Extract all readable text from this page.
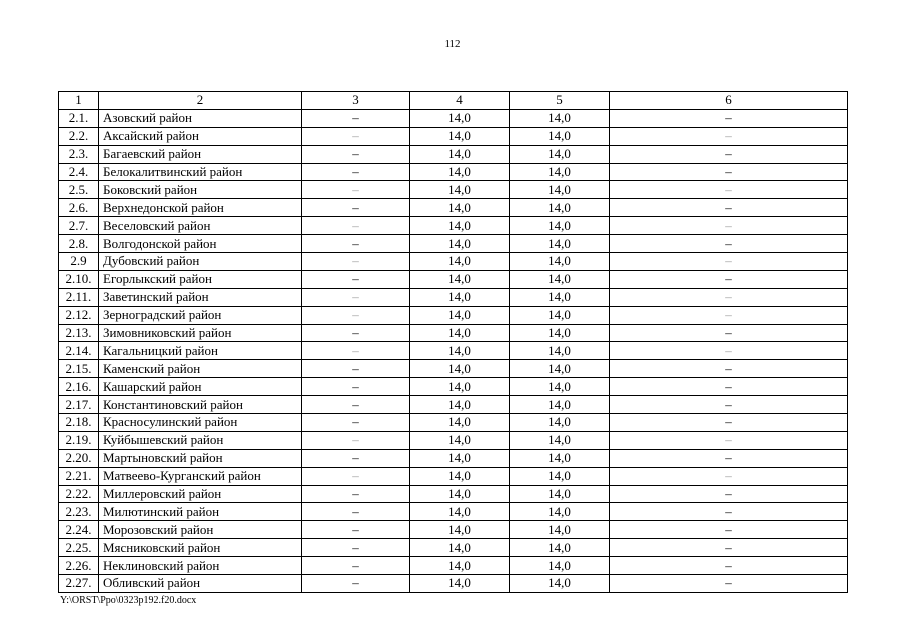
112
1	2	3	4	5	6
2.1.	Азовский район	–	14,0	14,0	–
2.2.	Аксайский район	–	14,0	14,0	–
2.3.	Багаевский район	–	14,0	14,0	–
2.4.	Белокалитвинский район	–	14,0	14,0	–
2.5.	Боковский район	–	14,0	14,0	–
2.6.	Верхнедонской район	–	14,0	14,0	–
2.7.	Веселовский район	–	14,0	14,0	–
2.8.	Волгодонской район	–	14,0	14,0	–
2.9	Дубовский район	–	14,0	14,0	–
2.10.	Егорлыкский район	–	14,0	14,0	–
2.11.	Заветинский район	–	14,0	14,0	–
2.12.	Зерноградский район	–	14,0	14,0	–
2.13.	Зимовниковский район	–	14,0	14,0	–
2.14.	Кагальницкий район	–	14,0	14,0	–
2.15.	Каменский район	–	14,0	14,0	–
2.16.	Кашарский район	–	14,0	14,0	–
2.17.	Константиновский район	–	14,0	14,0	–
2.18.	Красносулинский район	–	14,0	14,0	–
2.19.	Куйбышевский район	–	14,0	14,0	–
2.20.	Мартыновский район	–	14,0	14,0	–
2.21.	Матвеево-Курганский район	–	14,0	14,0	–
2.22.	Миллеровский район	–	14,0	14,0	–
2.23.	Милютинский район	–	14,0	14,0	–
2.24.	Морозовский район	–	14,0	14,0	–
2.25.	Мясниковский район	–	14,0	14,0	–
2.26.	Неклиновский район	–	14,0	14,0	–
2.27.	Обливский район	–	14,0	14,0	–
Y:\ORST\Ppo\0323p192.f20.docx
